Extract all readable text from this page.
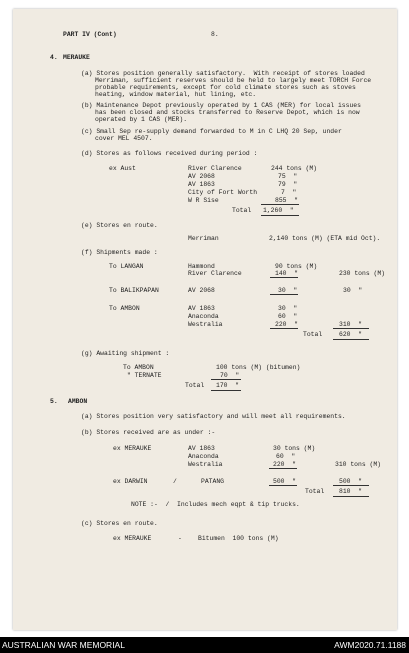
PART IV (Cont)	8.
4. MERAUKE
(a) Stores position generally satisfactory.  With receipt of stores loaded
Merriman, sufficient reserves should be held to largely meet TORCH Force
probable requirements, except for cold climate stores such as stoves
heating, window material, hut lining, etc.
(b) Maintenance Depot previously operated by 1 CAS (MER) for local issues
has been closed and stocks transferred to Reserve Depot, which is now
operated by 1 CAS (MER).
(c) Small Sep re-supply demand forwarded to M in C LHQ 20 Sep, under
cover MEL 4507.
(d) Stores as follows received during period :
ex Aust	River Clarence	244 tons (M)
AV 2068	75  "
AV 1863	79  "
City of Fort Worth	7  "
W R Sise	855  "
Total 1,260  "
(e) Stores en route.
Merriman	2,140 tons (M) (ETA mid Oct).
(f) Shipments made :
To LANGAN	Hammond	90 tons (M)
River Clarence	140  "	230 tons (M)
To BALIKPAPAN	AV 2068	30  "	30  "
To AMBON	AV 1863	30  "
Anaconda	60  "
Westralia	220  "	310  "
Total	620  "
(g) Awaiting shipment :
To AMBON	100 tons (M) (bitumen)
" TERNATE	70  "
Total 170  "
5. AMBON
(a) Stores position very satisfactory and will meet all requirements.
(b) Stores received are as under :-
ex MERAUKE	AV 1863	30 tons (M)
Anaconda	60  "
Westralia	220  "	310 tons (M)
ex DARWIN	/	PATANG	500  "	500  "
Total 810  "
NOTE :-  /  Includes mech eqpt & tip trucks.
(c) Stores en route.
ex MERAUKE	-	Bitumen  100 tons (M)
AUSTRALIAN WAR MEMORIAL	AWM2020.71.1188
